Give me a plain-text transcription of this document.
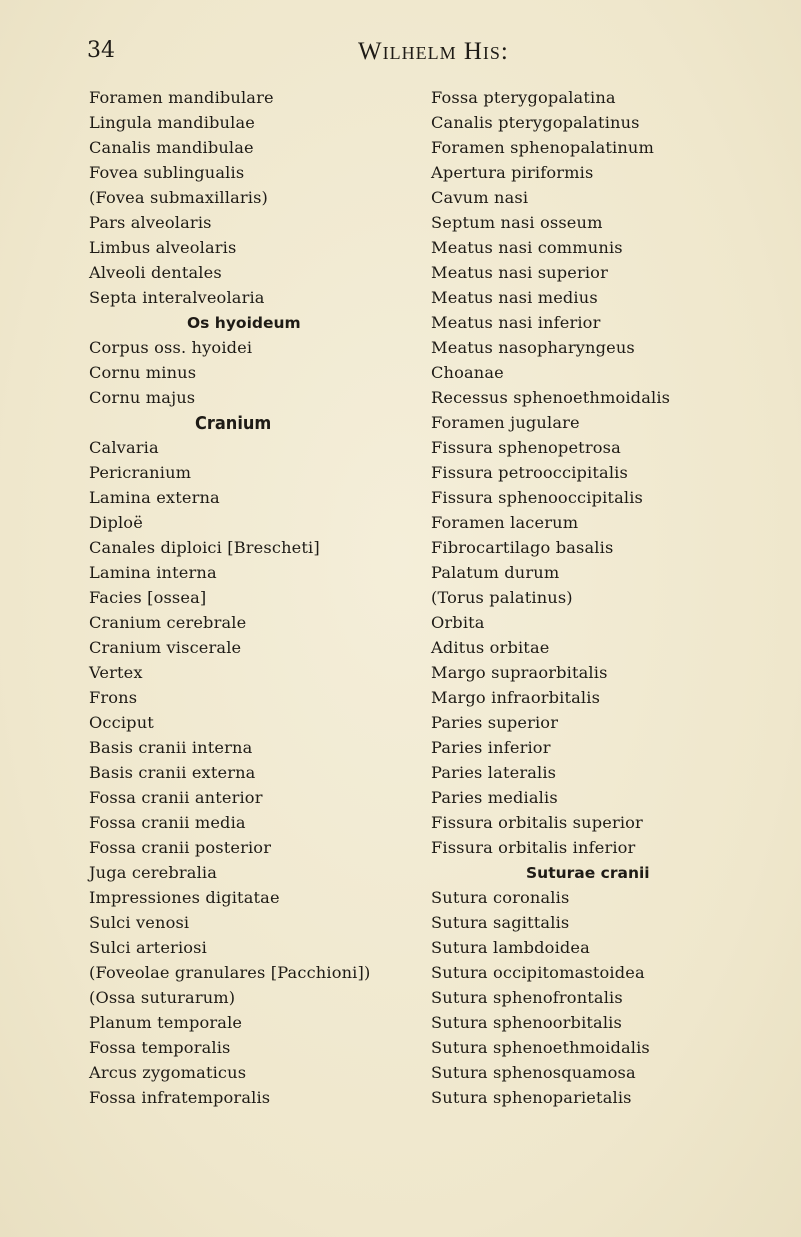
34	Wilhelm His:
Foramen mandibulare
Lingula mandibulae
Canalis mandibulae
Fovea sublingualis
(Fovea submaxillaris)
Pars alveolaris
Limbus alveolaris
Alveoli dentales
Septa interalveolaria
Os hyoideum
Corpus oss. hyoidei
Cornu minus
Cornu majus
Cranium
Calvaria
Pericranium
Lamina externa
Diploë
Canales diploici [Brescheti]
Lamina interna
Facies [ossea]
Cranium cerebrale
Cranium viscerale
Vertex
Frons
Occiput
Basis cranii interna
Basis cranii externa
Fossa cranii anterior
Fossa cranii media
Fossa cranii posterior
Juga cerebralia
Impressiones digitatae
Sulci venosi
Sulci arteriosi
(Foveolae granulares [Pacchioni])
(Ossa suturarum)
Planum temporale
Fossa temporalis
Arcus zygomaticus
Fossa infratemporalis
Fossa pterygopalatina
Canalis pterygopalatinus
Foramen sphenopalatinum
Apertura piriformis
Cavum nasi
Septum nasi osseum
Meatus nasi communis
Meatus nasi superior
Meatus nasi medius
Meatus nasi inferior
Meatus nasopharyngeus
Choanae
Recessus sphenoethmoidalis
Foramen jugulare
Fissura sphenopetrosa
Fissura petrooccipitalis
Fissura sphenooccipitalis
Foramen lacerum
Fibrocartilago basalis
Palatum durum
(Torus palatinus)
Orbita
Aditus orbitae
Margo supraorbitalis
Margo infraorbitalis
Paries superior
Paries inferior
Paries lateralis
Paries medialis
Fissura orbitalis superior
Fissura orbitalis inferior
Suturae cranii
Sutura coronalis
Sutura sagittalis
Sutura lambdoidea
Sutura occipitomastoidea
Sutura sphenofrontalis
Sutura sphenoorbitalis
Sutura sphenoethmoidalis
Sutura sphenosquamosa
Sutura sphenoparietalis
